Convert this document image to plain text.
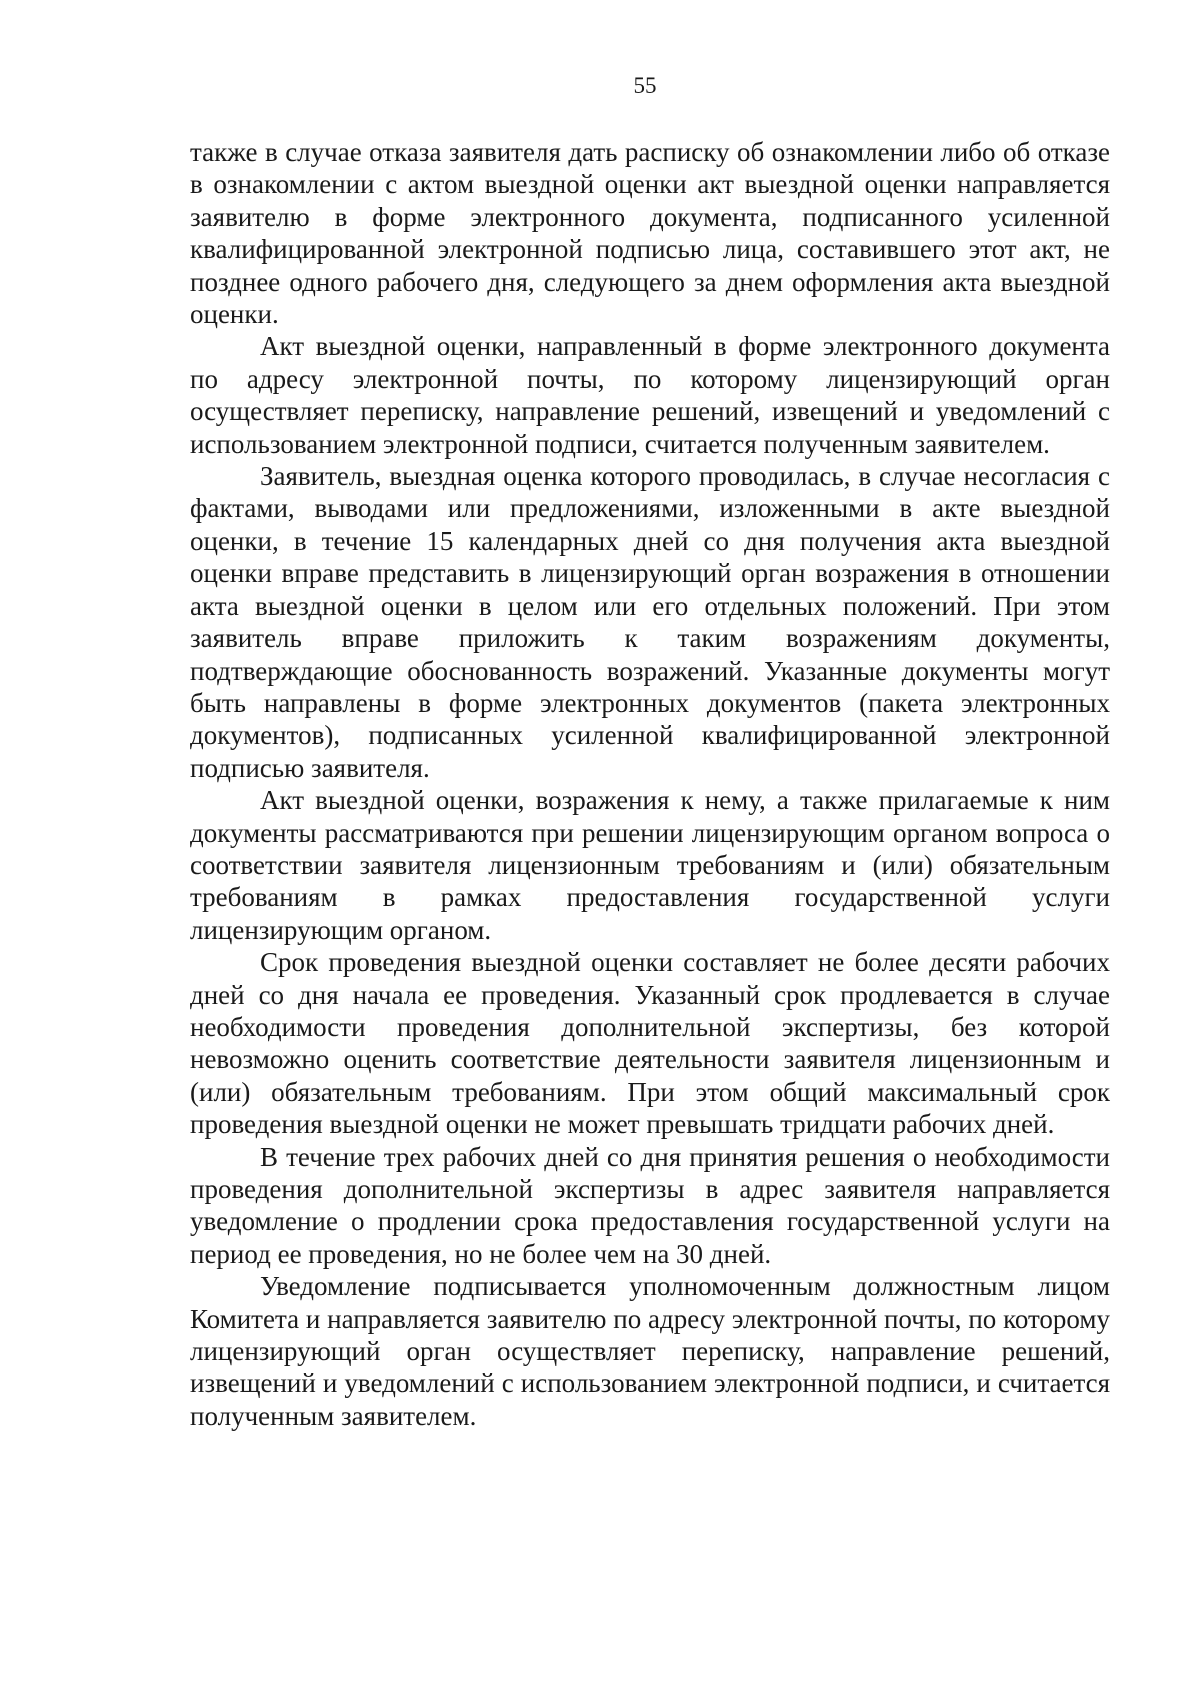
55

также в случае отказа заявителя дать расписку об ознакомлении либо об отказе в ознакомлении с актом выездной оценки акт выездной оценки направляется заявителю в форме электронного документа, подписанного усиленной квалифицированной электронной подписью лица, составившего этот акт, не позднее одного рабочего дня, следующего за днем оформления акта выездной оценки.

Акт выездной оценки, направленный в форме электронного документа по адресу электронной почты, по которому лицензирующий орган осуществляет переписку, направление решений, извещений и уведомлений с использованием электронной подписи, считается полученным заявителем.

Заявитель, выездная оценка которого проводилась, в случае несогласия с фактами, выводами или предложениями, изложенными в акте выездной оценки, в течение 15 календарных дней со дня получения акта выездной оценки вправе представить в лицензирующий орган возражения в отношении акта выездной оценки в целом или его отдельных положений. При этом заявитель вправе приложить к таким возражениям документы, подтверждающие обоснованность возражений. Указанные документы могут быть направлены в форме электронных документов (пакета электронных документов), подписанных усиленной квалифицированной электронной подписью заявителя.

Акт выездной оценки, возражения к нему, а также прилагаемые к ним документы рассматриваются при решении лицензирующим органом вопроса о соответствии заявителя лицензионным требованиям и (или) обязательным требованиям в рамках предоставления государственной услуги лицензирующим органом.

Срок проведения выездной оценки составляет не более десяти рабочих дней со дня начала ее проведения. Указанный срок продлевается в случае необходимости проведения дополнительной экспертизы, без которой невозможно оценить соответствие деятельности заявителя лицензионным и (или) обязательным требованиям. При этом общий максимальный срок проведения выездной оценки не может превышать тридцати рабочих дней.

В течение трех рабочих дней со дня принятия решения о необходимости проведения дополнительной экспертизы в адрес заявителя направляется уведомление о продлении срока предоставления государственной услуги на период ее проведения, но не более чем на 30 дней.

Уведомление подписывается уполномоченным должностным лицом Комитета и направляется заявителю по адресу электронной почты, по которому лицензирующий орган осуществляет переписку, направление решений, извещений и уведомлений с использованием электронной подписи, и считается полученным заявителем.
